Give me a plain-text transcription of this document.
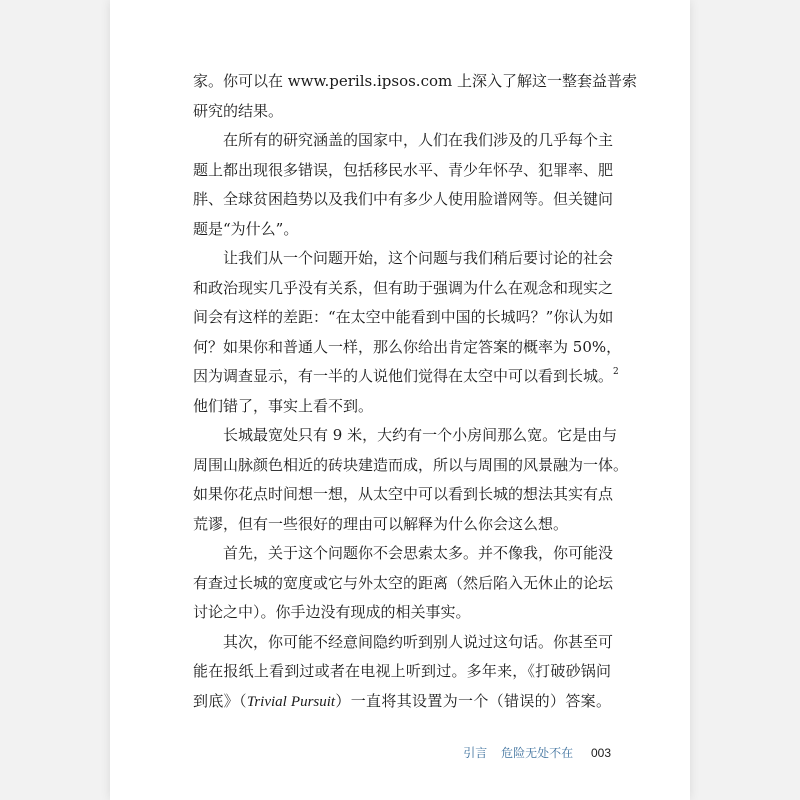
家。你可以在 www.perils.ipsos.com 上深入了解这一整套益普索
研究的结果。

在所有的研究涵盖的国家中，人们在我们涉及的几乎每个主
题上都出现很多错误，包括移民水平、青少年怀孕、犯罪率、肥
胖、全球贫困趋势以及我们中有多少人使用脸谱网等。但关键问
题是“为什么”。

让我们从一个问题开始，这个问题与我们稍后要讨论的社会
和政治现实几乎没有关系，但有助于强调为什么在观念和现实之
间会有这样的差距：“在太空中能看到中国的长城吗？”你认为如
何？如果你和普通人一样，那么你给出肯定答案的概率为 50%，
因为调查显示，有一半的人说他们觉得在太空中可以看到长城。$^2$
他们错了，事实上看不到。

长城最宽处只有 9 米，大约有一个小房间那么宽。它是由与
周围山脉颜色相近的砖块建造而成，所以与周围的风景融为一体。
如果你花点时间想一想，从太空中可以看到长城的想法其实有点
荒谬，但有一些很好的理由可以解释为什么你会这么想。

首先，关于这个问题你不会思索太多。并不像我，你可能没
有查过长城的宽度或它与外太空的距离（然后陷入无休止的论坛
讨论之中）。你手边没有现成的相关事实。

其次，你可能不经意间隐约听到别人说过这句话。你甚至可
能在报纸上看到过或者在电视上听到过。多年来，《打破砂锅问
到底》（Trivial Pursuit）一直将其设置为一个（错误的）答案。

引言 危险无处不在 003
